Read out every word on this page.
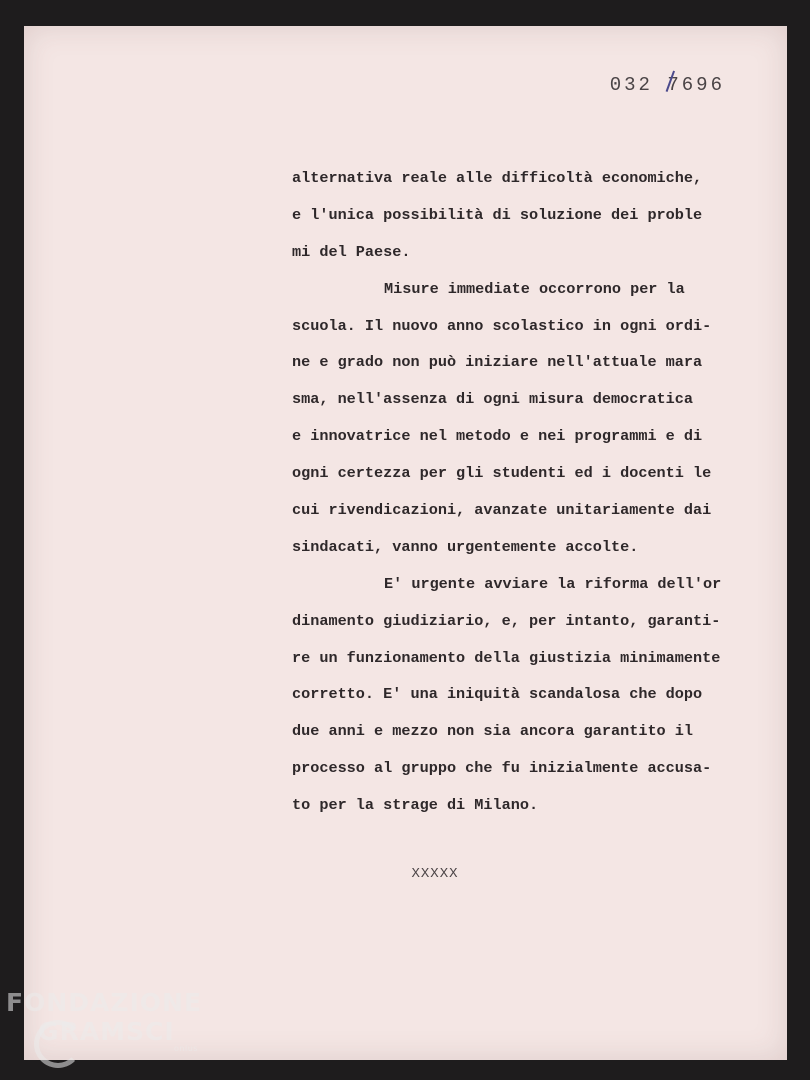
032 7
696
alternativa reale alle difficoltà economiche,
e l'unica possibilità di soluzione dei proble
mi del Paese.
Misure immediate occorrono per la
scuola. Il nuovo anno scolastico in ogni ordi-
ne e grado non può iniziare nell'attuale mara
sma, nell'assenza di ogni misura democratica
e innovatrice nel metodo e nei programmi e di
ogni certezza per gli studenti ed i docenti le
cui rivendicazioni, avanzate unitariamente dai
sindacati, vanno urgentemente accolte.
E' urgente avviare la riforma dell'or
dinamento giudiziario, e, per intanto, garanti-
re un funzionamento della giustizia minimamente
corretto. E' una iniquità scandalosa che dopo
due anni e mezzo non sia ancora garantito il
processo al gruppo che fu inizialmente accusa-
to per la strage di Milano.
XXXXX
FONDAZIONE
GRAMSCI
onlus
